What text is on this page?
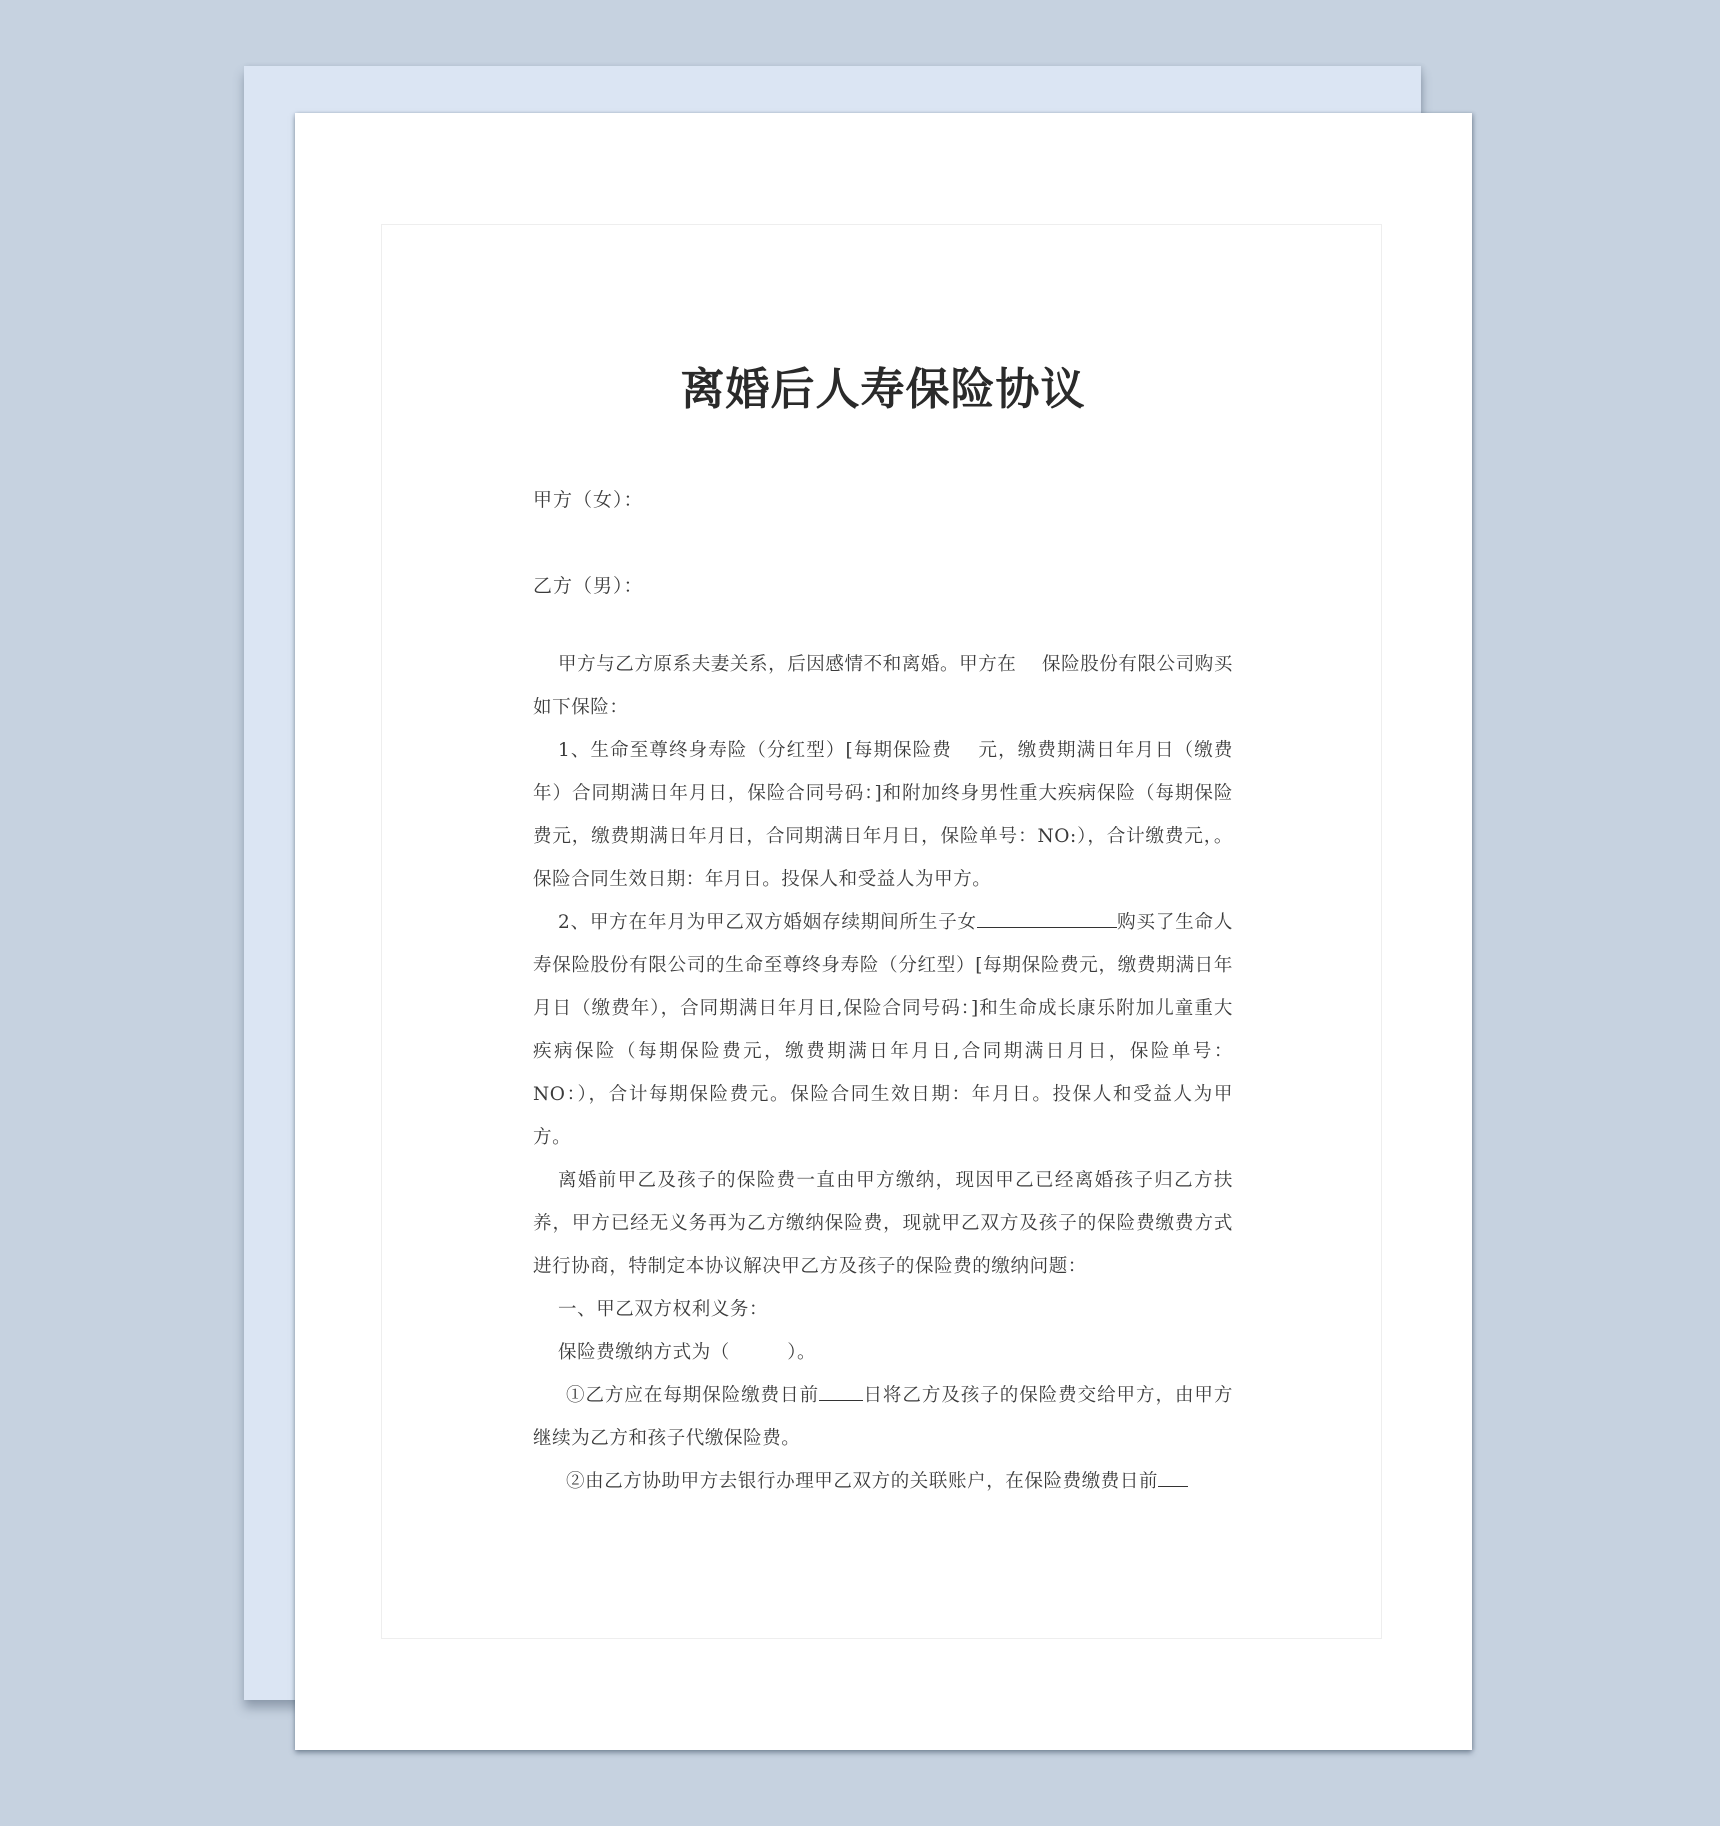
离婚后人寿保险协议
甲方（女）：
乙方（男）：

甲方与乙方原系夫妻关系，后因感情不和离婚。甲方在　 保险股份有限公司购买如下保险：

1、生命至尊终身寿险（分红型）[每期保险费　 元，缴费期满日年月日（缴费年）合同期满日年月日，保险合同号码：]和附加终身男性重大疾病保险（每期保险费元，缴费期满日年月日，合同期满日年月日，保险单号：NO:），合计缴费元，。保险合同生效日期：年月日。投保人和受益人为甲方。

2、甲方在年月为甲乙双方婚姻存续期间所生子女	购买了生命人寿保险股份有限公司的生命至尊终身寿险（分红型）[每期保险费元，缴费期满日年月日（缴费年），合同期满日年月日,保险合同号码：]和生命成长康乐附加儿童重大疾病保险（每期保险费元，缴费期满日年月日,合同期满日月日，保险单号：NO：），合计每期保险费元。保险合同生效日期：年月日。投保人和受益人为甲方。

离婚前甲乙及孩子的保险费一直由甲方缴纳，现因甲乙已经离婚孩子归乙方扶养，甲方已经无义务再为乙方缴纳保险费，现就甲乙双方及孩子的保险费缴费方式进行协商，特制定本协议解决甲乙方及孩子的保险费的缴纳问题：

一、甲乙双方权利义务：

保险费缴纳方式为（　　　）。

①乙方应在每期保险缴费日前 日将乙方及孩子的保险费交给甲方，由甲方继续为乙方和孩子代缴保险费。

②由乙方协助甲方去银行办理甲乙双方的关联账户，在保险费缴费日前
